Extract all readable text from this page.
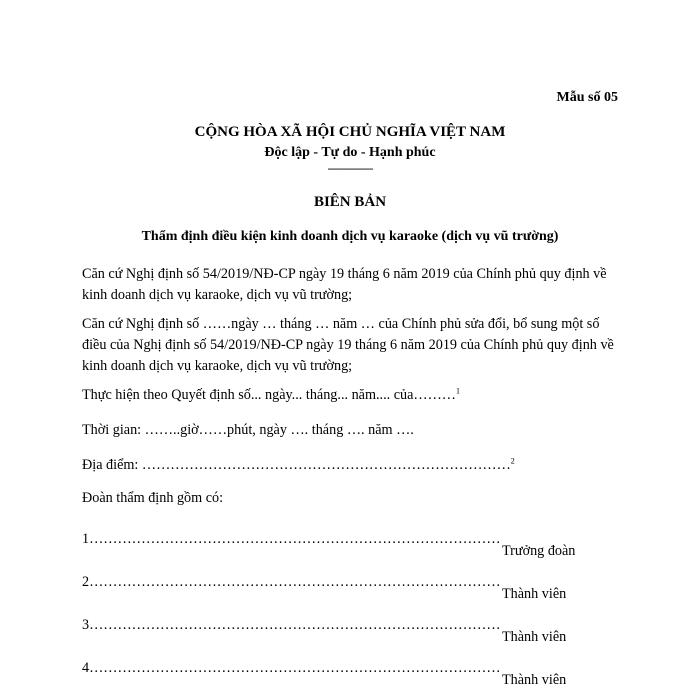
Mẫu số 05
CỘNG HÒA XÃ HỘI CHỦ NGHĨA VIỆT NAM
Độc lập - Tự do - Hạnh phúc
---------------
BIÊN BẢN
Thẩm định điều kiện kinh doanh dịch vụ karaoke (dịch vụ vũ trường)
Căn cứ Nghị định số 54/2019/NĐ-CP ngày 19 tháng 6 năm 2019 của Chính phủ quy định về kinh doanh dịch vụ karaoke, dịch vụ vũ trường;
Căn cứ Nghị định số ……ngày … tháng … năm … của Chính phủ sửa đổi, bổ sung một số điều của Nghị định số 54/2019/NĐ-CP ngày 19 tháng 6 năm 2019 của Chính phủ quy định về kinh doanh dịch vụ karaoke, dịch vụ vũ trường;
Thực hiện theo Quyết định số... ngày... tháng... năm.... của………$^1$
Thời gian: ……..giờ……phút, ngày …. tháng …. năm ….
Địa điểm: ……………………………………………………………………$^2$
Đoàn thẩm định gồm có:
1……………………………………………………………………………
Trưởng đoàn
2……………………………………………………………………………
Thành viên
3……………………………………………………………………………
Thành viên
4……………………………………………………………………………
Thành viên
